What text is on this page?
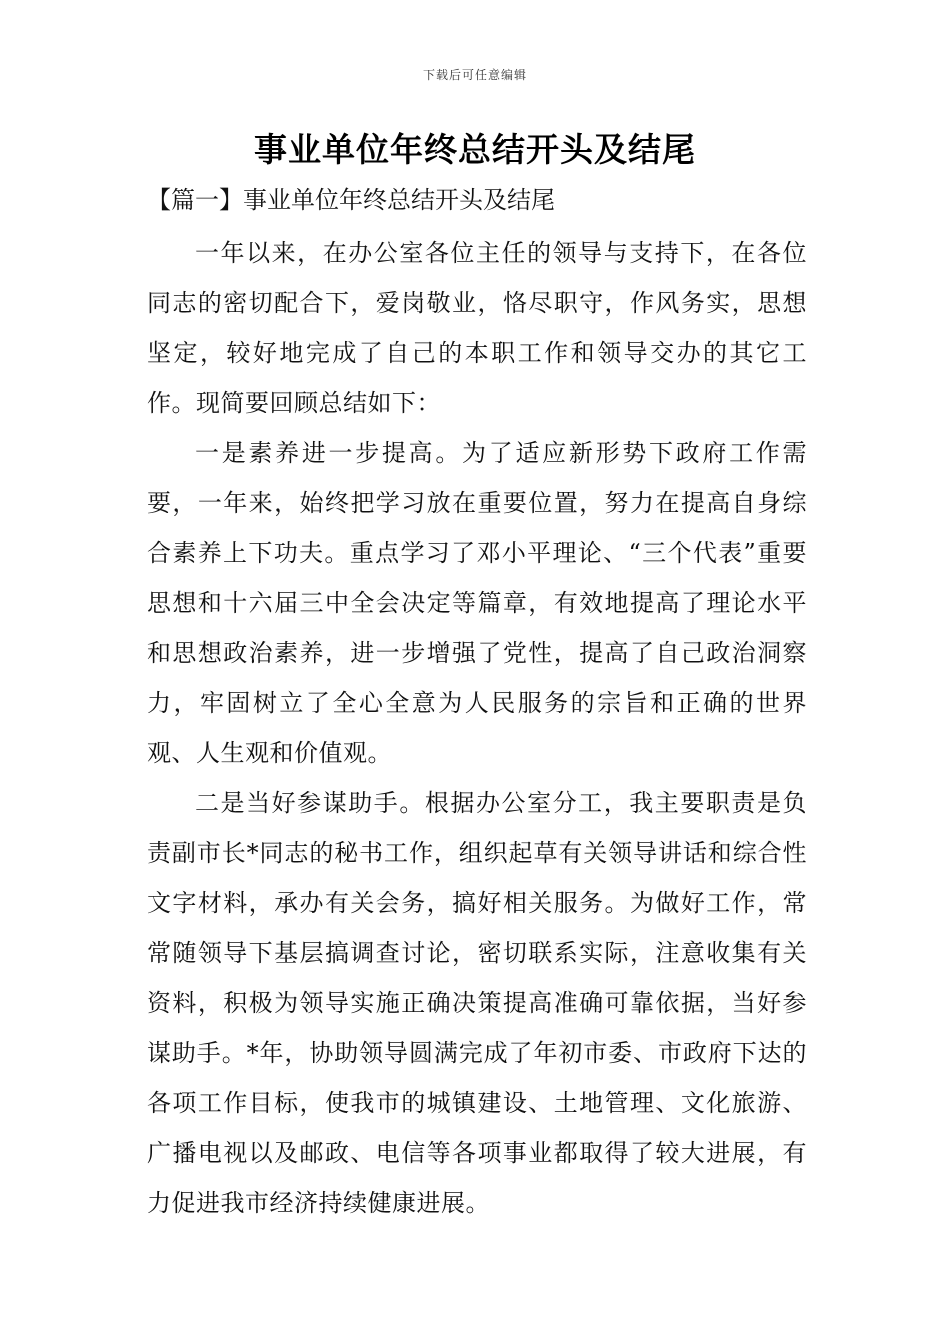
下载后可任意编辑
事业单位年终总结开头及结尾

【篇一】事业单位年终总结开头及结尾

一年以来，在办公室各位主任的领导与支持下，在各位同志的密切配合下，爱岗敬业，恪尽职守，作风务实，思想坚定，较好地完成了自己的本职工作和领导交办的其它工作。现简要回顾总结如下：

一是素养进一步提高。为了适应新形势下政府工作需要，一年来，始终把学习放在重要位置，努力在提高自身综合素养上下功夫。重点学习了邓小平理论、“三个代表”重要思想和十六届三中全会决定等篇章，有效地提高了理论水平和思想政治素养，进一步增强了党性，提高了自己政治洞察力，牢固树立了全心全意为人民服务的宗旨和正确的世界观、人生观和价值观。

二是当好参谋助手。根据办公室分工，我主要职责是负责副市长*同志的秘书工作，组织起草有关领导讲话和综合性文字材料，承办有关会务，搞好相关服务。为做好工作，常常随领导下基层搞调查讨论，密切联系实际，注意收集有关资料，积极为领导实施正确决策提高准确可靠依据，当好参谋助手。*年，协助领导圆满完成了年初市委、市政府下达的各项工作目标，使我市的城镇建设、土地管理、文化旅游、广播电视以及邮政、电信等各项事业都取得了较大进展，有力促进我市经济持续健康进展。
